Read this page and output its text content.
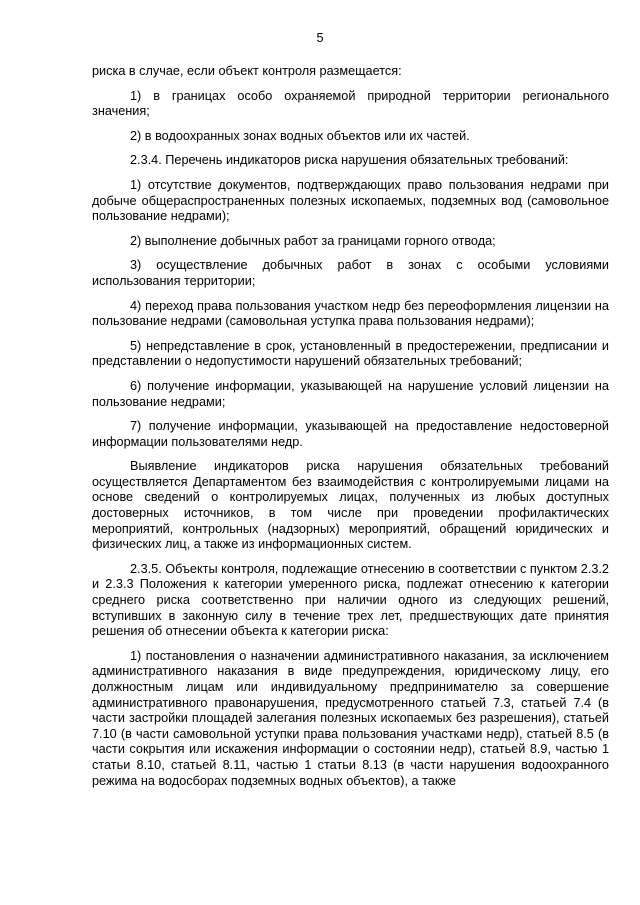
5

риска в случае, если объект контроля размещается:

1) в границах особо охраняемой природной территории регионального значения;

2) в водоохранных зонах водных объектов или их частей.

2.3.4. Перечень индикаторов риска нарушения обязательных требований:

1) отсутствие документов, подтверждающих право пользования недрами при добыче общераспространенных полезных ископаемых, подземных вод (самовольное пользование недрами);

2) выполнение добычных работ за границами горного отвода;

3) осуществление добычных работ в зонах с особыми условиями использования территории;

4) переход права пользования участком недр без переоформления лицензии на пользование недрами (самовольная уступка права пользования недрами);

5) непредставление в срок, установленный в предостережении, предписании и представлении о недопустимости нарушений обязательных требований;

6) получение информации, указывающей на нарушение условий лицензии на пользование недрами;

7) получение информации, указывающей на предоставление недостоверной информации пользователями недр.

Выявление индикаторов риска нарушения обязательных требований осуществляется Департаментом без взаимодействия с контролируемыми лицами на основе сведений о контролируемых лицах, полученных из любых доступных достоверных источников, в том числе при проведении профилактических мероприятий, контрольных (надзорных) мероприятий, обращений юридических и физических лиц, а также из информационных систем.

2.3.5. Объекты контроля, подлежащие отнесению в соответствии с пунктом 2.3.2 и 2.3.3 Положения к категории умеренного риска, подлежат отнесению к категории среднего риска соответственно при наличии одного из следующих решений, вступивших в законную силу в течение трех лет, предшествующих дате принятия решения об отнесении объекта к категории риска:

1) постановления о назначении административного наказания, за исключением административного наказания в виде предупреждения, юридическому лицу, его должностным лицам или индивидуальному предпринимателю за совершение административного правонарушения, предусмотренного статьей 7.3, статьей 7.4 (в части застройки площадей залегания полезных ископаемых без разрешения), статьей 7.10 (в части самовольной уступки права пользования участками недр), статьей 8.5 (в части сокрытия или искажения информации о состоянии недр), статьей 8.9, частью 1 статьи 8.10, статьей 8.11, частью 1 статьи 8.13 (в части нарушения водоохранного режима на водосборах подземных водных объектов), а также
